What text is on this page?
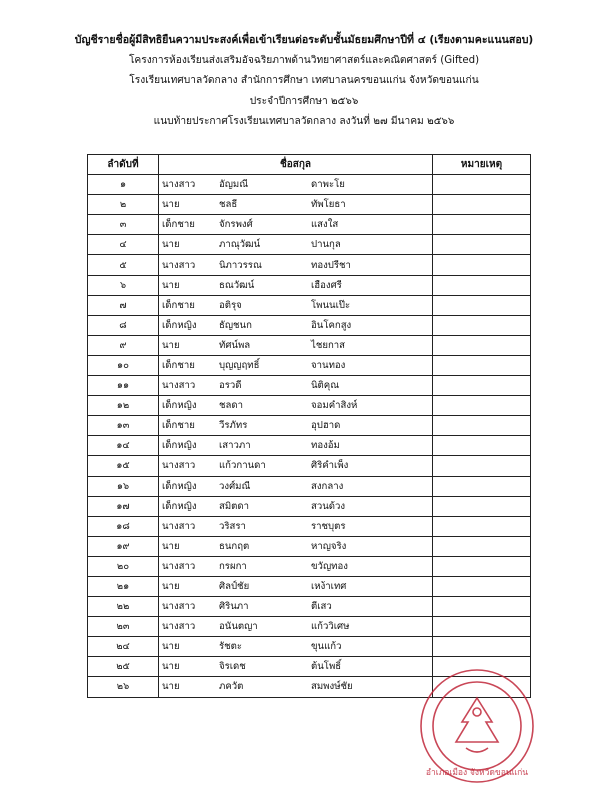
บัญชีรายชื่อผู้มีสิทธิยืนความประสงค์เพื่อเข้าเรียนต่อระดับชั้นมัธยมศึกษาปีที่ ๔ (เรียงตามคะแนนสอบ)
โครงการห้องเรียนส่งเสริมอัจฉริยภาพด้านวิทยาศาสตร์และคณิตศาสตร์ (Gifted)
โรงเรียนเทศบาลวัดกลาง สำนักการศึกษา เทศบาลนครขอนแก่น จังหวัดขอนแก่น
ประจำปีการศึกษา ๒๕๖๖
แนบท้ายประกาศโรงเรียนเทศบาลวัดกลาง ลงวันที่ ๒๗ มีนาคม ๒๕๖๖
ลำดับที่	ชื่อสกุล	หมายเหตุ
๑	นางสาว อัญมณี ดาพะโย	
๒	นาย ชลธี ทัพโยธา	
๓	เด็กชาย จักรพงศ์ แสงใส	
๔	นาย ภาณุวัฒน์ ปานกุล	
๕	นางสาว นิภาวรรณ ทองปรีชา	
๖	นาย ธณวัฒน์ เฮืองศรี	
๗	เด็กชาย อติรุจ โพนนเป๊ะ	
๘	เด็กหญิง ธัญชนก อินโคกสูง	
๙	นาย ทัศน์พล ไชยกาส	
๑๐	เด็กชาย บุญญฤทธิ์ จานทอง	
๑๑	นางสาว อรวดี นิติคุณ	
๑๒	เด็กหญิง ชลดา จอมคำสิงห์	
๑๓	เด็กชาย วีรภัทร อุปฮาด	
๑๔	เด็กหญิง เสาวภา ทองอ้ม	
๑๕	นางสาว แก้วกานดา ศิริคำเพ็ง	
๑๖	เด็กหญิง วงศ์มณี สงกลาง	
๑๗	เด็กหญิง สมิตดา สวนด้วง	
๑๘	นางสาว วริสรา ราชบุตร	
๑๙	นาย ธนกฤต หาญจริง	
๒๐	นางสาว กรผกา ขวัญทอง	
๒๑	นาย ศิลป์ชัย เหง้าเทศ	
๒๒	นางสาว ศิรินภา ตีเสว	
๒๓	นางสาว อนันตญา แก้ววิเศษ	
๒๔	นาย รัชตะ ขุนแก้ว	
๒๕	นาย จิรเดช ต้นโพธิ์	
๒๖	นาย ภควัต สมพงษ์ชัย	
อำเภอเมือง จังหวัดขอนแก่น
